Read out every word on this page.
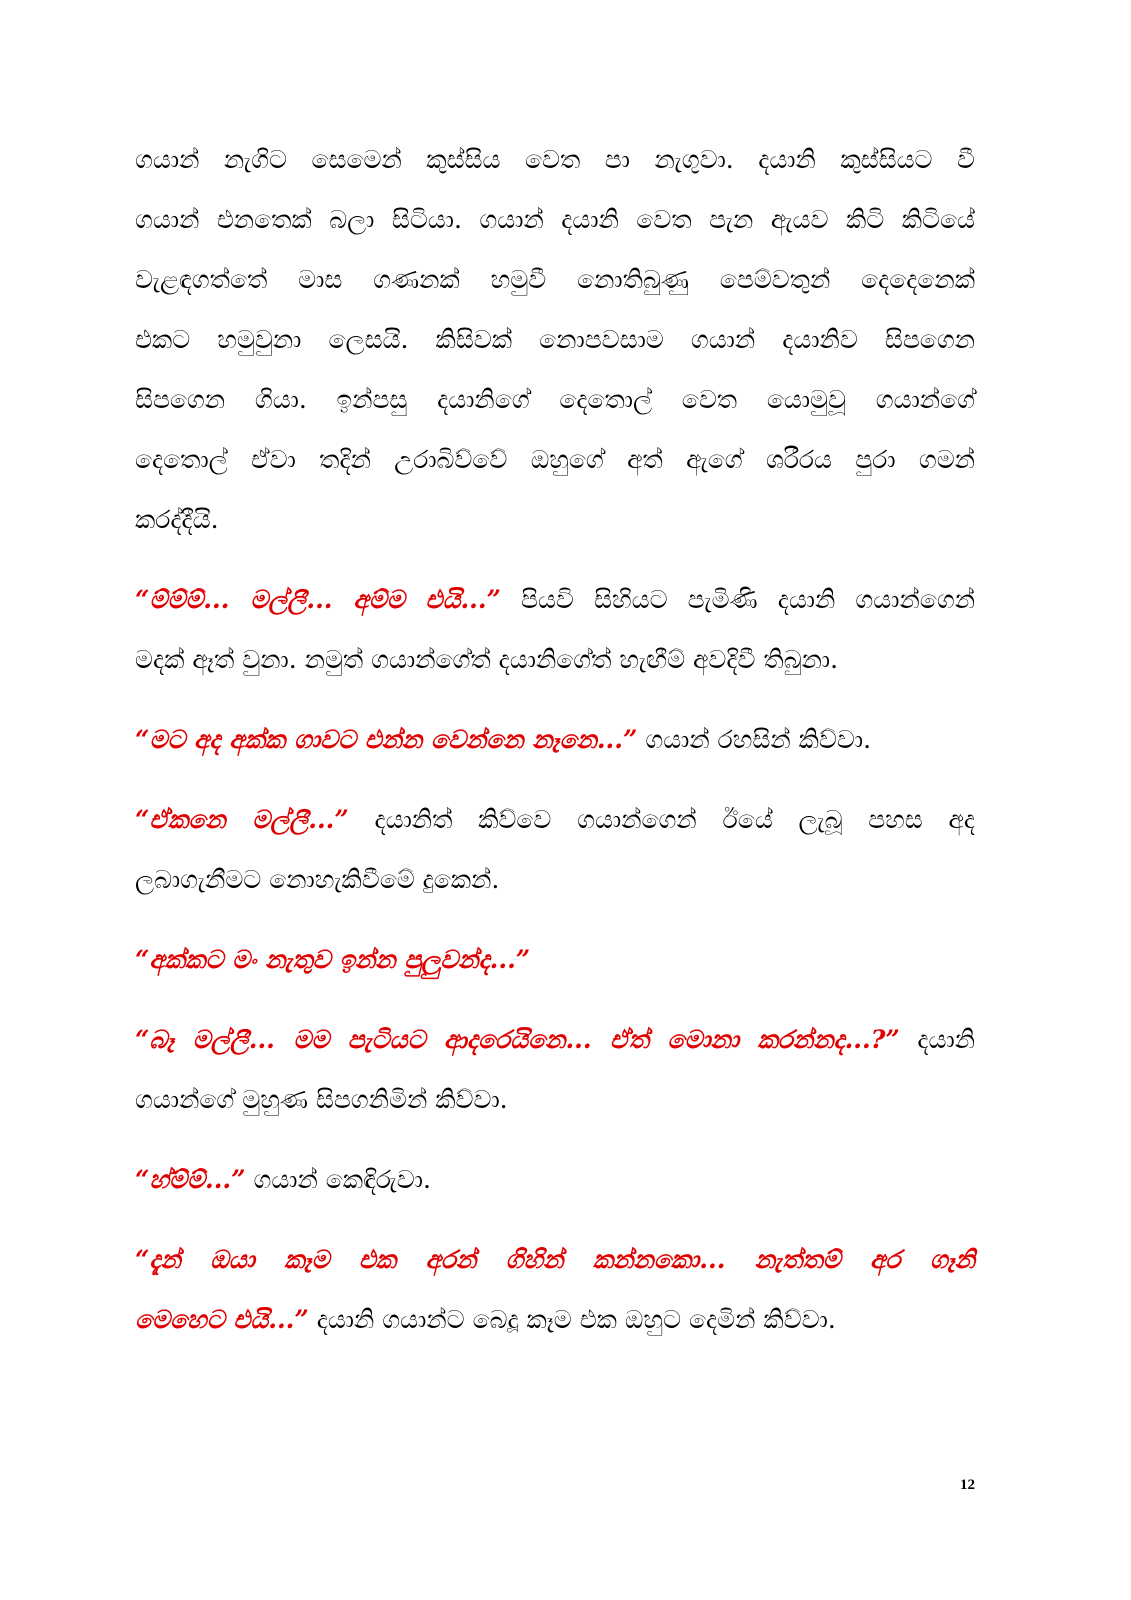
ගයාන් නැගිට සෙමෙන් කුස්සිය වෙත පා නැගුවා. දයානි කුස්සියට වී
ගයාන් එනතෙක් බලා සිටියා. ගයාන් දයානි වෙත පැන ඇයව කිටි කිටියේ
වැළඳගත්තේ මාස ගණනක් හමුවී නොතිබුණු පෙම්වතුන් දෙදෙනෙක්
එකට හමුවුනා ලෙසයි. කිසිවක් නොපවසාම ගයාන් දයානිව සිපගෙන
සිපගෙන ගියා. ඉන්පසු දයානිගේ දෙතොල් වෙත යොමුවූ ගයාන්ගේ
දෙතොල් ඒවා තදින් උරාබිව්වේ ඔහුගේ අත් ඇගේ ශරීරය පුරා ගමන්
කරද්දීයි.
“ම්ම්ම්... මල්ලී... අම්ම එයි...” පියවි සිහියට පැමිණි දයානි ගයාන්ගෙන්
මදක් ඈත් වුනා. නමුත් ගයාන්ගේත් දයානිගේත් හැඟීම් අවදිවී තිබුනා.
“මට අද අක්ක ගාවට එන්න වෙන්නෙ නෑනෙ...” ගයාන් රහසින් කිව්වා.
“ඒකනෙ මල්ලී...” දයානිත් කිව්වෙ ගයාන්ගෙන් ඊයේ ලැබූ පහස අද
ලබාගැනීමට නොහැකිවීමේ දුකෙන්.
“අක්කට මං නැතුව ඉන්න පුලුවන්ද...”
“බෑ මල්ලී... මම පැටියට ආදරෙයිනෙ... ඒත් මොනා කරන්නද...?” දයානි
ගයාන්ගේ මුහුණ සිපගනිමින් කිව්වා.
“හ්ම්ම්...” ගයාන් කෙඳිරුවා.
“දැන් ඔයා කෑම එක අරන් ගිහින් කන්නකො... නැත්තම් අර ගෑනි
මෙහෙට එයි...” දයානි ගයාන්ට බෙදූ කෑම එක ඔහුට දෙමින් කිව්වා.
12
